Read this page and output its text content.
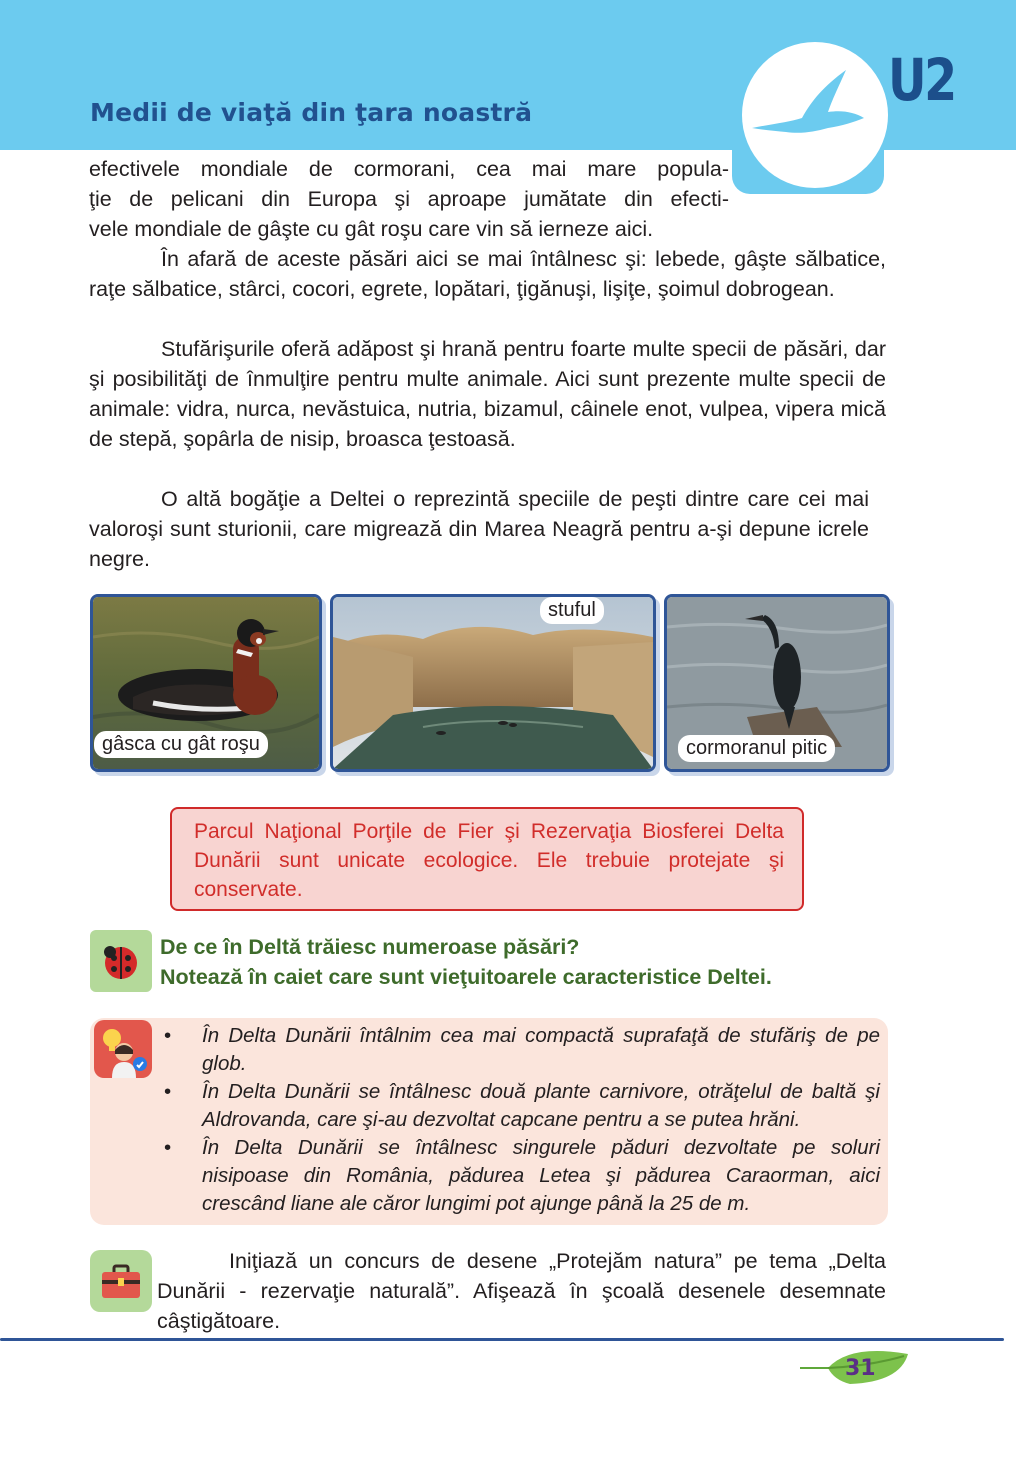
Medii de viaţă din ţara noastră	U2
efectivele mondiale de cormorani, cea mai mare popula-
ţie de pelicani din Europa şi aproape jumătate din efecti-
vele mondiale de gâşte cu gât roşu care vin să ierneze aici.
În afară de aceste păsări aici se mai întâlnesc şi: lebede, gâşte sălbatice, raţe sălbatice, stârci, cocori, egrete, lopătari, ţigănuşi, lişiţe, şoimul dobrogean.
Stufărişurile oferă adăpost şi hrană pentru foarte multe specii de păsări, dar şi posibilităţi de înmulţire pentru multe animale. Aici sunt prezente multe specii de animale: vidra, nurca, nevăstuica, nutria, bizamul, câinele enot, vulpea, vipera mică de stepă, şopârla de nisip, broasca ţestoasă.
O altă bogăţie a Deltei o reprezintă speciile de peşti dintre care cei mai valoroşi sunt sturionii, care migrează din Marea Neagră pentru a-şi depune icrele negre.
gâsca cu gât roşu
stuful
cormoranul pitic
Parcul Naţional Porţile de Fier şi Rezervaţia Biosferei Delta Dunării sunt unicate ecologice. Ele trebuie protejate şi conservate.
De ce în Deltă trăiesc numeroase păsări?
Notează în caiet care sunt vieţuitoarele caracteristice Deltei.
• În Delta Dunării întâlnim cea mai compactă suprafaţă de stufăriş de pe glob.
• În Delta Dunării se întâlnesc două plante carnivore, otrăţelul de baltă şi Aldrovanda, care şi-au dezvoltat capcane pentru a se putea hrăni.
• În Delta Dunării se întâlnesc singurele păduri dezvoltate pe soluri nisipoase din România, pădurea Letea şi pădurea Caraorman, aici crescând liane ale căror lungimi pot ajunge până la 25 de m.
Iniţiază un concurs de desene „Protejăm natura” pe tema „Delta Dunării - rezervaţie naturală”. Afişează în şcoală desenele desemnate câştigătoare.
31
